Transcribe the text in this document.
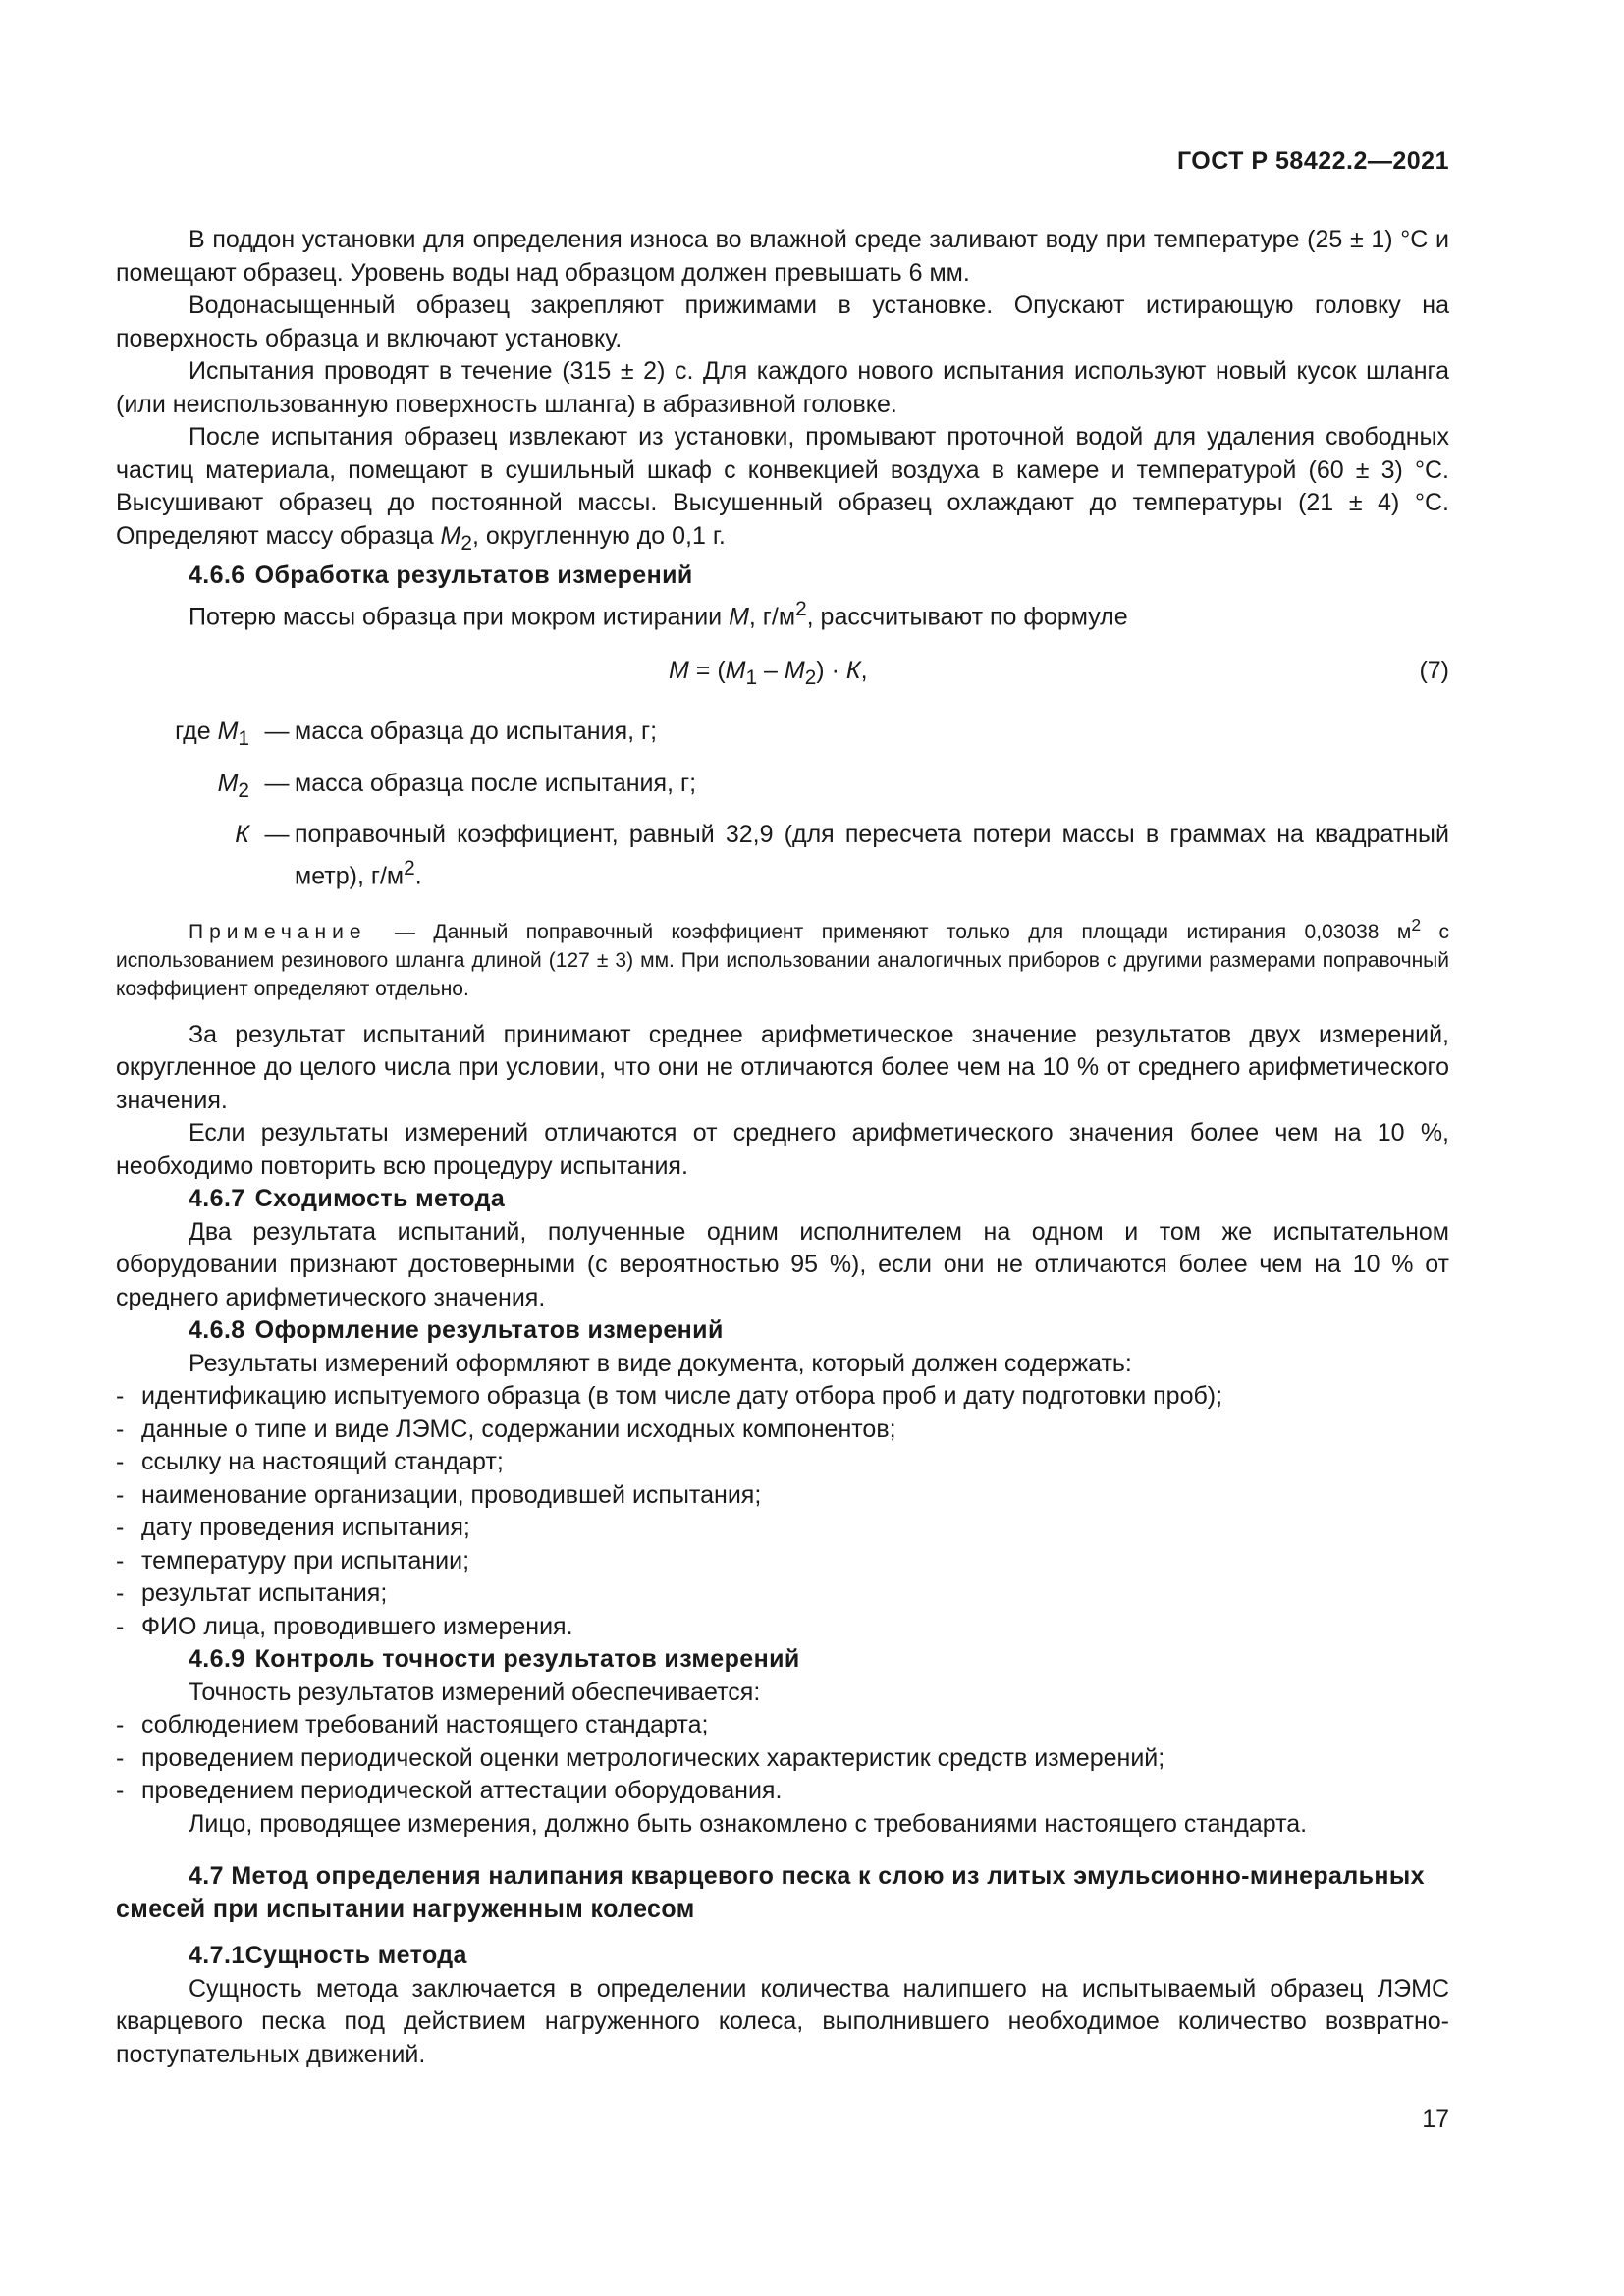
ГОСТ Р 58422.2—2021

В поддон установки для определения износа во влажной среде заливают воду при температуре (25 ± 1) °С и помещают образец. Уровень воды над образцом должен превышать 6 мм.

Водонасыщенный образец закрепляют прижимами в установке. Опускают истирающую головку на поверхность образца и включают установку.

Испытания проводят в течение (315 ± 2) с. Для каждого нового испытания используют новый кусок шланга (или неиспользованную поверхность шланга) в абразивной головке.

После испытания образец извлекают из установки, промывают проточной водой для удаления свободных частиц материала, помещают в сушильный шкаф с конвекцией воздуха в камере и температурой (60 ± 3) °С. Высушивают образец до постоянной массы. Высушенный образец охлаждают до температуры (21 ± 4) °С. Определяют массу образца $M_2$, округленную до 0,1 г.

4.6.6 Обработка результатов измерений

Потерю массы образца при мокром истирании М, $г/м^2$, рассчитывают по формуле

$М = (М_1 - М_2) \cdot К$,	(7)
где $М_1$ — масса образца до испытания, г;
$М_2$ — масса образца после испытания, г;
К — поправочный коэффициент, равный 32,9 (для пересчета потери массы в граммах на квадратный метр), $г/м^2$.

Примечание — Данный поправочный коэффициент применяют только для площади истирания 0,03038 $м^2$ с использованием резинового шланга длиной (127 ± 3) мм. При использовании аналогичных приборов с другими размерами поправочный коэффициент определяют отдельно.

За результат испытаний принимают среднее арифметическое значение результатов двух измерений, округленное до целого числа при условии, что они не отличаются более чем на 10 % от среднего арифметического значения.

Если результаты измерений отличаются от среднего арифметического значения более чем на 10 %, необходимо повторить всю процедуру испытания.

4.6.7 Сходимость метода

Два результата испытаний, полученные одним исполнителем на одном и том же испытательном оборудовании признают достоверными (с вероятностью 95 %), если они не отличаются более чем на 10 % от среднего арифметического значения.

4.6.8 Оформление результатов измерений

Результаты измерений оформляют в виде документа, который должен содержать:

- идентификацию испытуемого образца (в том числе дату отбора проб и дату подготовки проб);
- данные о типе и виде ЛЭМС, содержании исходных компонентов;
- ссылку на настоящий стандарт;
- наименование организации, проводившей испытания;
- дату проведения испытания;
- температуру при испытании;
- результат испытания;
- ФИО лица, проводившего измерения.

4.6.9 Контроль точности результатов измерений

Точность результатов измерений обеспечивается:

- соблюдением требований настоящего стандарта;
- проведением периодической оценки метрологических характеристик средств измерений;
- проведением периодической аттестации оборудования.

Лицо, проводящее измерения, должно быть ознакомлено с требованиями настоящего стандарта.

4.7 Метод определения налипания кварцевого песка к слою из литых эмульсионно-минеральных смесей при испытании нагруженным колесом

4.7.1Сущность метода

Сущность метода заключается в определении количества налипшего на испытываемый образец ЛЭМС кварцевого песка под действием нагруженного колеса, выполнившего необходимое количество возвратно-поступательных движений.

17
